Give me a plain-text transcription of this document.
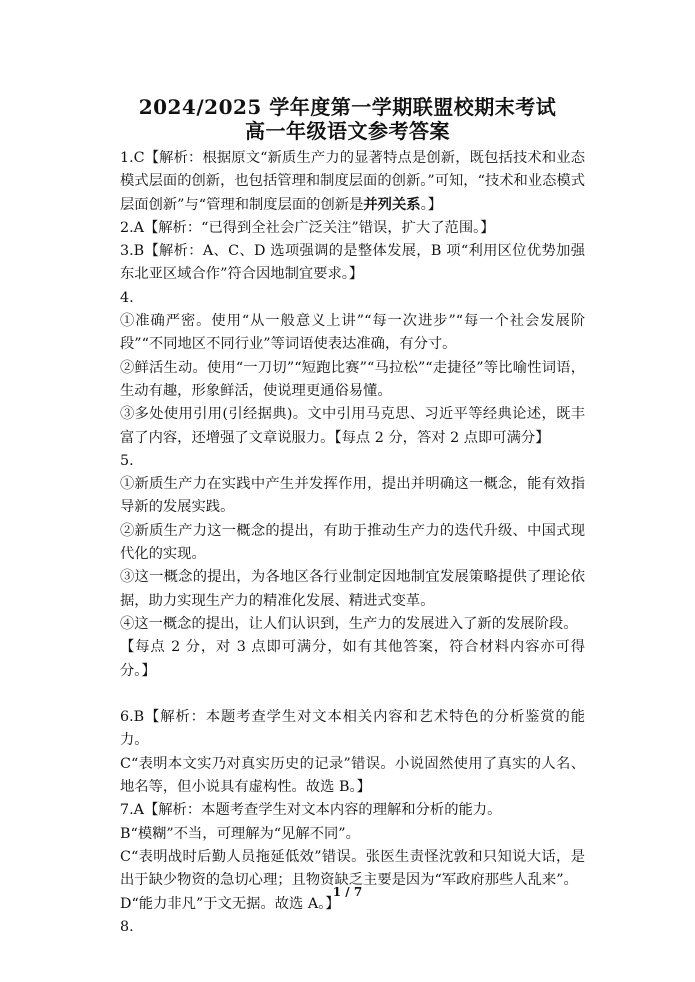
2024/2025 学年度第一学期联盟校期末考试
高一年级语文参考答案

1.C【解析：根据原文“新质生产力的显著特点是创新，既包括技术和业态模式层面的创新，也包括管理和制度层面的创新。”可知，“技术和业态模式层面创新”与“管理和制度层面的创新是并列关系。】

2.A【解析：“已得到全社会广泛关注”错误，扩大了范围。】

3.B【解析：A、C、D 选项强调的是整体发展，B 项“利用区位优势加强东北亚区域合作”符合因地制宜要求。】

4.

①准确严密。使用“从一般意义上讲”“每一次进步”“每一个社会发展阶段”“不同地区不同行业”等词语使表达准确，有分寸。

②鲜活生动。使用“一刀切”“短跑比赛”“马拉松”“走捷径”等比喻性词语，生动有趣，形象鲜活，使说理更通俗易懂。

③多处使用引用(引经据典)。文中引用马克思、习近平等经典论述，既丰富了内容，还增强了文章说服力。【每点 2 分，答对 2 点即可满分】

5.

①新质生产力在实践中产生并发挥作用，提出并明确这一概念，能有效指导新的发展实践。

②新质生产力这一概念的提出，有助于推动生产力的迭代升级、中国式现代化的实现。

③这一概念的提出，为各地区各行业制定因地制宜发展策略提供了理论依据，助力实现生产力的精准化发展、精进式变革。

④这一概念的提出，让人们认识到，生产力的发展进入了新的发展阶段。

【每点 2 分，对 3 点即可满分，如有其他答案，符合材料内容亦可得分。】

6.B【解析：本题考查学生对文本相关内容和艺术特色的分析鉴赏的能力。

C“表明本文实乃对真实历史的记录”错误。小说固然使用了真实的人名、地名等，但小说具有虚构性。故选 B。】

7.A【解析：本题考查学生对文本内容的理解和分析的能力。

B“模糊”不当，可理解为“见解不同”。

C“表明战时后勤人员拖延低效”错误。张医生责怪沈敦和只知说大话，是出于缺少物资的急切心理；且物资缺乏主要是因为“军政府那些人乱来”。

D“能力非凡”于文无据。故选 A。】

8.

1 / 7
